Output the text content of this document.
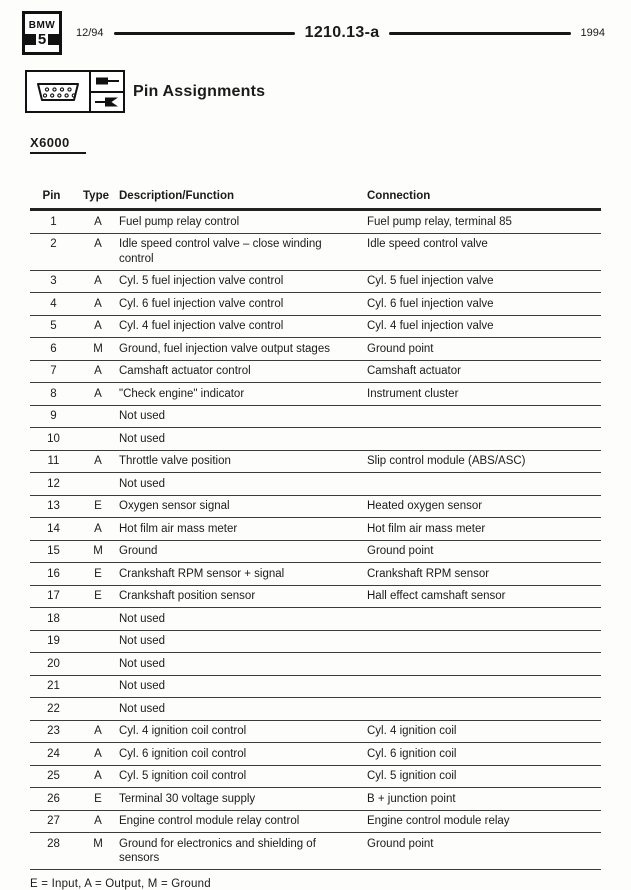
BMW
5	12/94	1210.13-a	1994
Pin Assignments
X6000
Pin	Type	Description/Function	Connection
1	A	Fuel pump relay control	Fuel pump relay, terminal 85
2	A	Idle speed control valve – close winding control	Idle speed control valve
3	A	Cyl. 5 fuel injection valve control	Cyl. 5 fuel injection valve
4	A	Cyl. 6 fuel injection valve control	Cyl. 6 fuel injection valve
5	A	Cyl. 4 fuel injection valve control	Cyl. 4 fuel injection valve
6	M	Ground, fuel injection valve output stages	Ground point
7	A	Camshaft actuator control	Camshaft actuator
8	A	"Check engine" indicator	Instrument cluster
9		Not used	
10		Not used	
11	A	Throttle valve position	Slip control module (ABS/ASC)
12		Not used	
13	E	Oxygen sensor signal	Heated oxygen sensor
14	A	Hot film air mass meter	Hot film air mass meter
15	M	Ground	Ground point
16	E	Crankshaft RPM sensor + signal	Crankshaft RPM sensor
17	E	Crankshaft position sensor	Hall effect camshaft sensor
18		Not used	
19		Not used	
20		Not used	
21		Not used	
22		Not used	
23	A	Cyl. 4 ignition coil control	Cyl. 4 ignition coil
24	A	Cyl. 6 ignition coil control	Cyl. 6 ignition coil
25	A	Cyl. 5 ignition coil control	Cyl. 5 ignition coil
26	E	Terminal 30 voltage supply	B + junction point
27	A	Engine control module relay control	Engine control module relay
28	M	Ground for electronics and shielding of sensors	Ground point
E = Input, A = Output, M = Ground
